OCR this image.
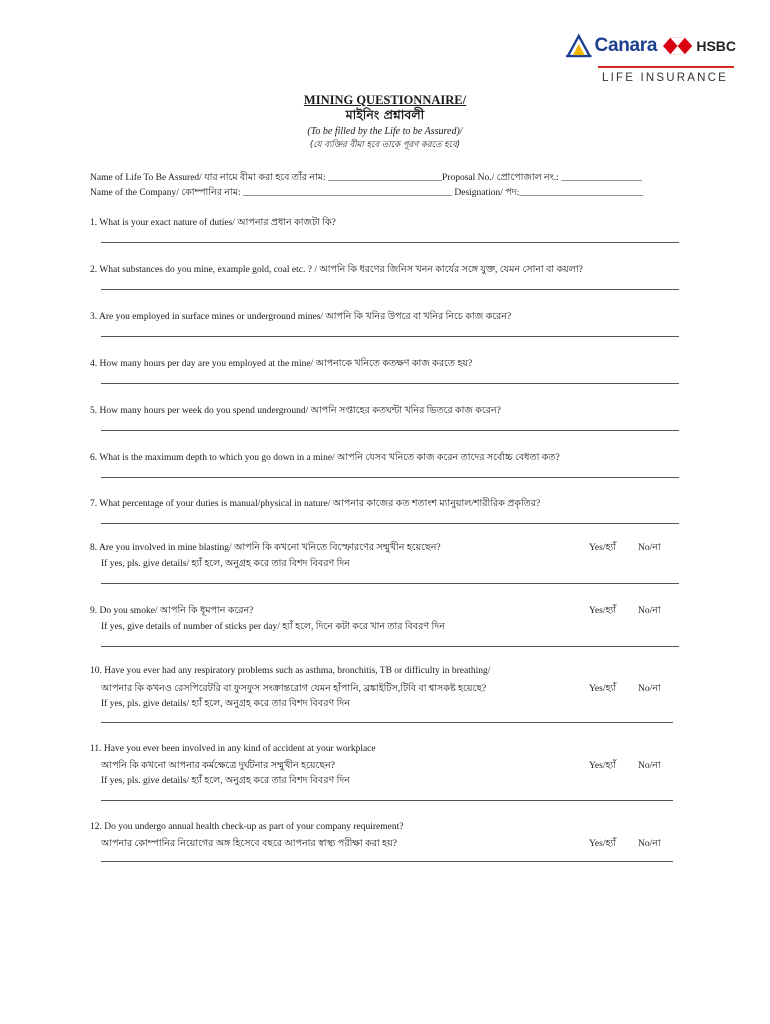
Canara	HSBC
LIFE INSURANCE
MINING QUESTIONNAIRE/
মাইনিং প্রশ্নাবলী
(To be filled by the Life to be Assured)/
(যে ব্যক্তির বীমা হবে তাকে পূরণ করতে হবে)
Name of Life To Be Assured/ যার নামে বীমা করা হবে তাঁর নাম: ________________________Proposal No./ প্রোপোজাল নং.: _________________
Name of the Company/ কোম্পানির নাম: ____________________________________________ Designation/ পদ:__________________________
1. What is your exact nature of duties/ আপনার প্রধান কাজটা কি?
2. What substances do you mine, example gold, coal etc. ? / আপনি কি ধরণের জিনিস খনন কার্যের সঙ্গে যুক্ত, যেমন সোনা বা কয়লা?
3. Are you employed in surface mines or underground mines/ আপনি কি খনির উপরে বা খনির নিচে কাজ করেন?
4. How many hours per day are you employed at the mine/ আপনাকে খনিতে কতক্ষণ কাজ করতে হয়?
5. How many hours per week do you spend underground/ আপনি সপ্তাহের কতঘন্টা খনির ভিতরে কাজ করেন?
6. What is the maximum depth to which you go down in a mine/ আপনি যেসব খনিতে কাজ করেন তাদের সর্বোচ্চ বেধতা কত?
7. What percentage of your duties is manual/physical in nature/ আপনার কাজের কত শতাংশ ম্যানুয়াল/শারীরিক প্রকৃতির?
8. Are you involved in mine blasting/ আপনি কি কখনো খনিতে বিস্ফোরণের সম্মুখীন হয়েছেন?	Yes/হ্যাঁ No/না
If yes, pls. give details/ হ্যাঁ হলে, অনুগ্রহ করে তার বিশদ বিবরণ দিন
9. Do you smoke/ আপনি কি ধূমপান করেন?	Yes/হ্যাঁ No/না
If yes, give details of number of sticks per day/ হ্যাঁ হলে, দিনে কটা করে খান তার বিবরণ দিন
10. Have you ever had any respiratory problems such as asthma, bronchitis, TB or difficulty in breathing/
আপনার কি কখনও রেসপিরেটরি বা ফুসফুস সংক্রান্তরোগ যেমন হাঁপানি, ব্রঙ্কাইটিস,টিবি বা শ্বাসকষ্ট হয়েছে?	Yes/হ্যাঁ No/না
If yes, pls. give details/ হ্যাঁ হলে, অনুগ্রহ করে তার বিশদ বিবরণ দিন
11. Have you ever been involved in any kind of accident at your workplace
আপনি কি কখনো আপনার কর্মক্ষেত্রে দুর্ঘটনার সম্মুখীন হয়েছেন?	Yes/হ্যাঁ No/না
If yes, pls. give details/ হ্যাঁ হলে, অনুগ্রহ করে তার বিশদ বিবরণ দিন
12. Do you undergo annual health check-up as part of your company requirement?
আপনার কোম্পানির নিয়োগের অঙ্গ হিসেবে বছরে আপনার স্বাস্থ্য পরীক্ষা করা হয়?	Yes/হ্যাঁ No/না
